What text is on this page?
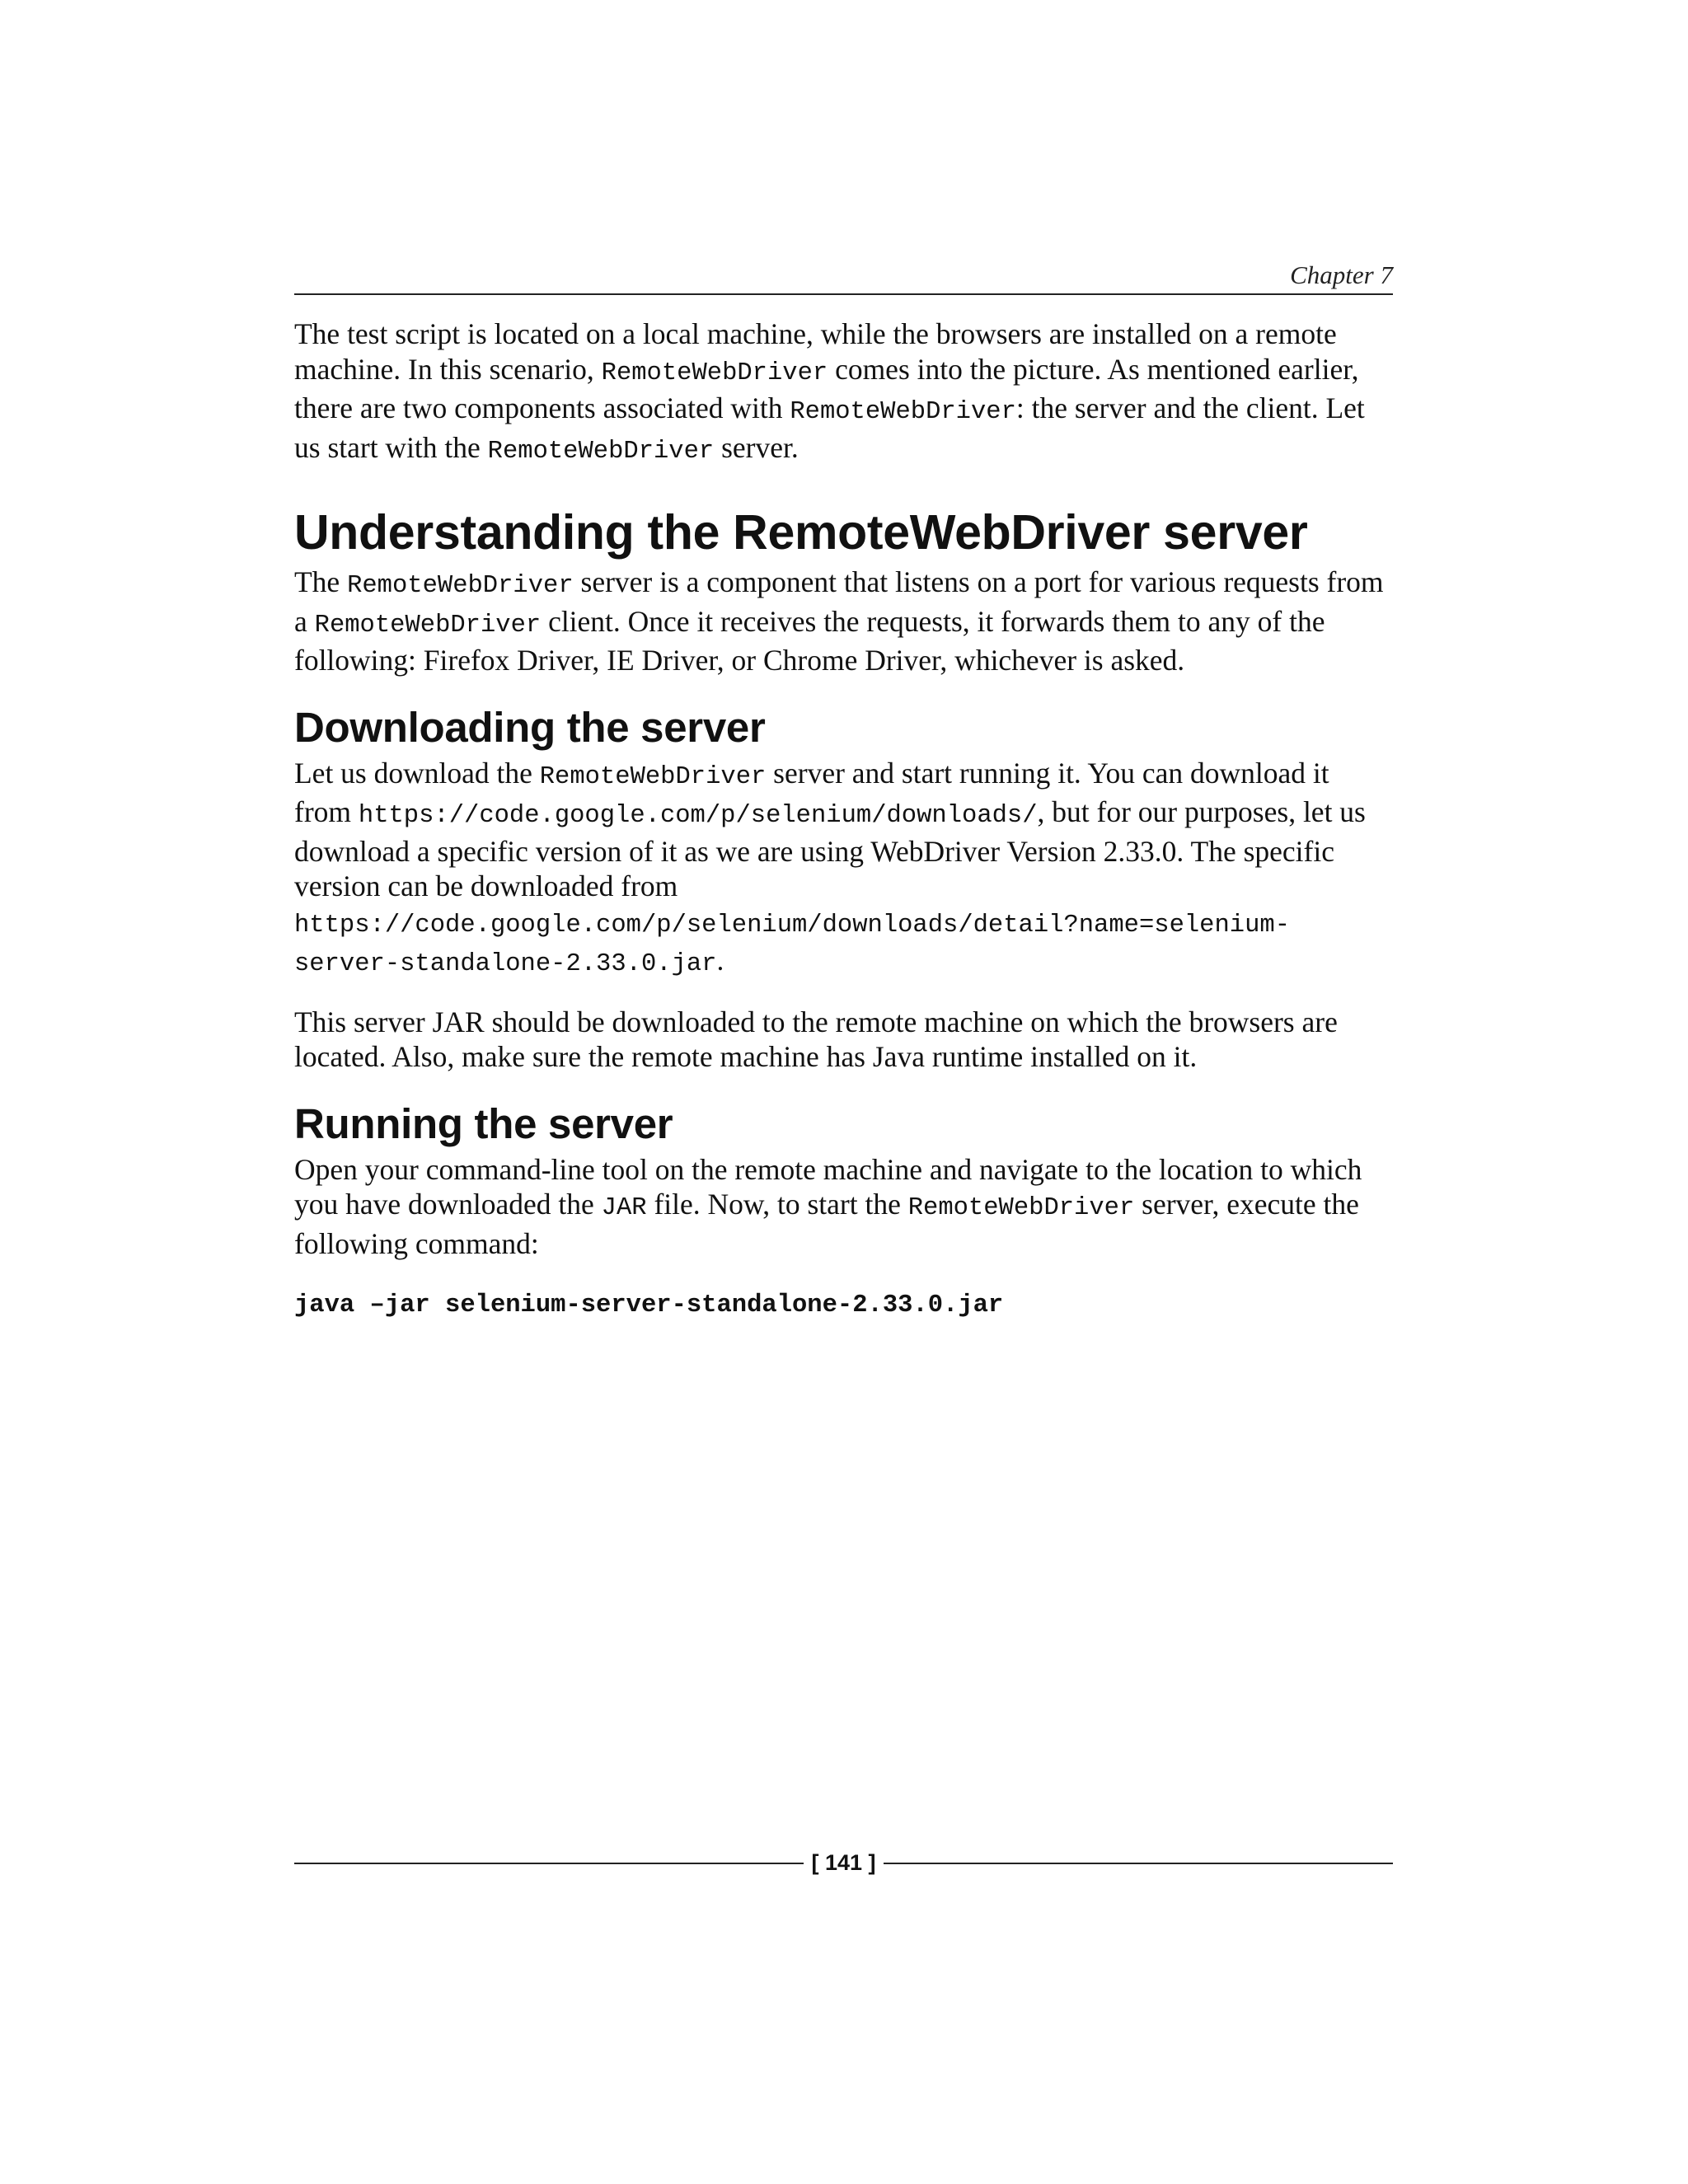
Chapter 7

The test script is located on a local machine, while the browsers are installed on a remote machine. In this scenario, RemoteWebDriver comes into the picture. As mentioned earlier, there are two components associated with RemoteWebDriver: the server and the client. Let us start with the RemoteWebDriver server.

Understanding the RemoteWebDriver server

The RemoteWebDriver server is a component that listens on a port for various requests from a RemoteWebDriver client. Once it receives the requests, it forwards them to any of the following: Firefox Driver, IE Driver, or Chrome Driver, whichever is asked.

Downloading the server

Let us download the RemoteWebDriver server and start running it. You can download it from https://code.google.com/p/selenium/downloads/, but for our purposes, let us download a specific version of it as we are using WebDriver Version 2.33.0. The specific version can be downloaded from https://code.google.com/p/selenium/downloads/detail?name=selenium-server-standalone-2.33.0.jar.

This server JAR should be downloaded to the remote machine on which the browsers are located. Also, make sure the remote machine has Java runtime installed on it.

Running the server

Open your command-line tool on the remote machine and navigate to the location to which you have downloaded the JAR file. Now, to start the RemoteWebDriver server, execute the following command:

java –jar selenium-server-standalone-2.33.0.jar
[ 141 ]
